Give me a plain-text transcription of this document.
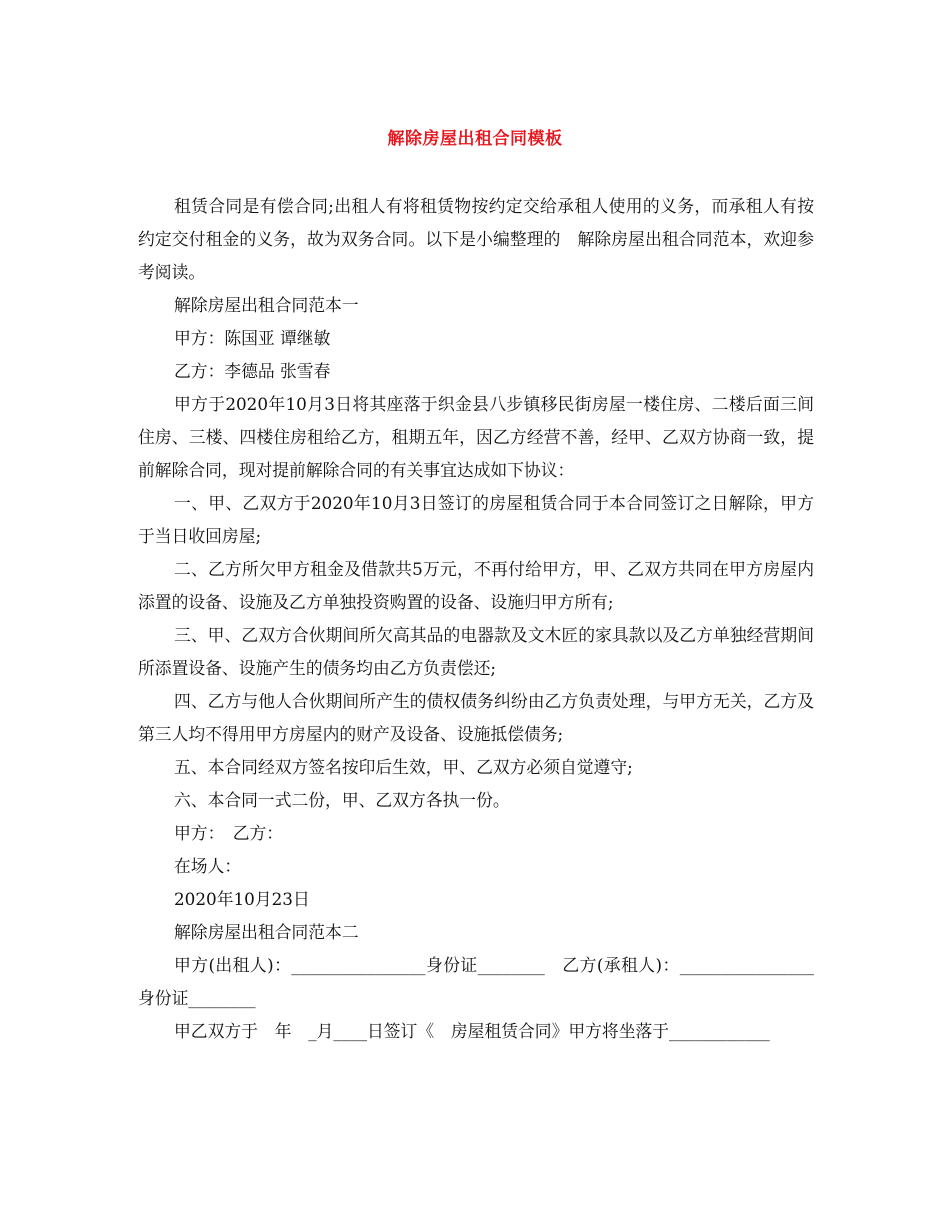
解除房屋出租合同模板

租赁合同是有偿合同;出租人有将租赁物按约定交给承租人使用的义务，而承租人有按约定交付租金的义务，故为双务合同。以下是小编整理的　解除房屋出租合同范本，欢迎参考阅读。

解除房屋出租合同范本一

甲方：陈国亚 谭继敏

乙方：李德品 张雪春

甲方于2020年10月3日将其座落于织金县八步镇移民街房屋一楼住房、二楼后面三间住房、三楼、四楼住房租给乙方，租期五年，因乙方经营不善，经甲、乙双方协商一致，提前解除合同，现对提前解除合同的有关事宜达成如下协议：

一、甲、乙双方于2020年10月3日签订的房屋租赁合同于本合同签订之日解除，甲方于当日收回房屋;

二、乙方所欠甲方租金及借款共5万元，不再付给甲方，甲、乙双方共同在甲方房屋内添置的设备、设施及乙方单独投资购置的设备、设施归甲方所有;

三、甲、乙双方合伙期间所欠高其品的电器款及文木匠的家具款以及乙方单独经营期间所添置设备、设施产生的债务均由乙方负责偿还;

四、乙方与他人合伙期间所产生的债权债务纠纷由乙方负责处理，与甲方无关，乙方及第三人均不得用甲方房屋内的财产及设备、设施抵偿债务;

五、本合同经双方签名按印后生效，甲、乙双方必须自觉遵守;

六、本合同一式二份，甲、乙双方各执一份。

甲方：　乙方：

在场人：

2020年10月23日

解除房屋出租合同范本二

甲方(出租人)：________________身份证________　乙方(承租人)：________________身份证________

甲乙双方于　年　_月____日签订《　房屋租赁合同》甲方将坐落于____________
